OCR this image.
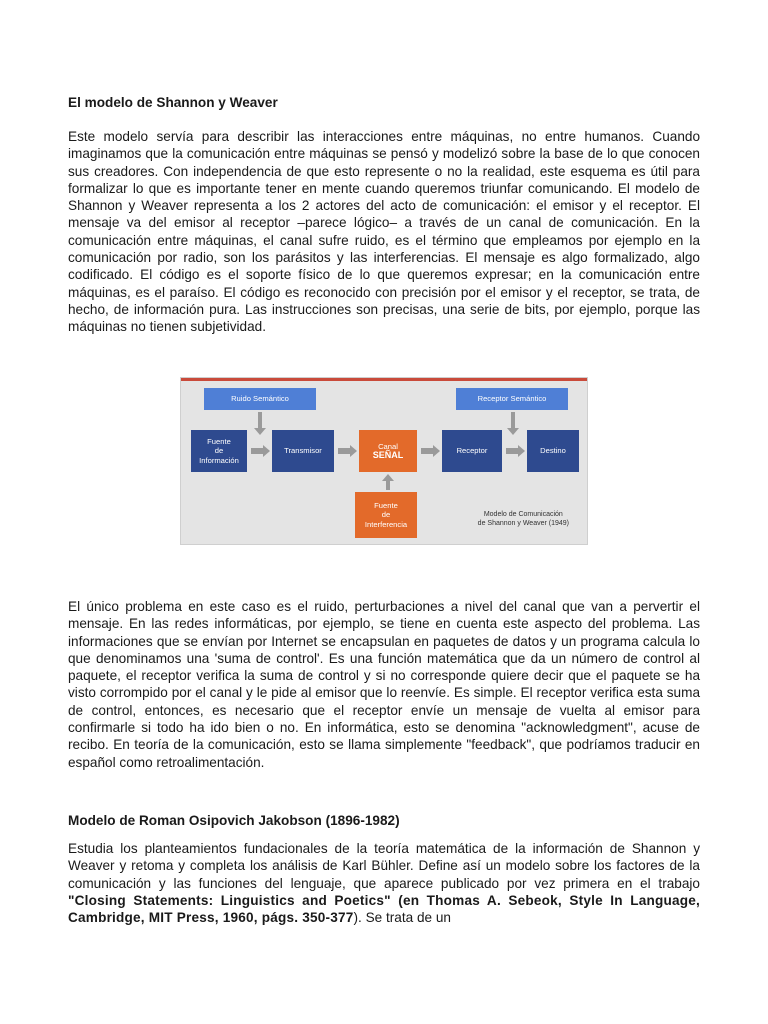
El modelo de Shannon y Weaver

Este modelo servía para describir las interacciones entre máquinas, no entre humanos. Cuando imaginamos que la comunicación entre máquinas se pensó y modelizó sobre la base de lo que conocen sus creadores. Con independencia de que esto represente o no la realidad, este esquema es útil para formalizar lo que es importante tener en mente cuando queremos triunfar comunicando. El modelo de Shannon y Weaver representa a los 2 actores del acto de comunicación: el emisor y el receptor. El mensaje va del emisor al receptor –parece lógico– a través de un canal de comunicación. En la comunicación entre máquinas, el canal sufre ruido, es el término que empleamos por ejemplo en la comunicación por radio, son los parásitos y las interferencias. El mensaje es algo formalizado, algo codificado. El código es el soporte físico de lo que queremos expresar; en la comunicación entre máquinas, es el paraíso. El código es reconocido con precisión por el emisor y el receptor, se trata, de hecho, de información pura. Las instrucciones son precisas, una serie de bits, por ejemplo, porque las máquinas no tienen subjetividad.

Ruido Semántico	Receptor Semántico
Fuente
de
Información
Transmisor
Canal
SEÑAL	Receptor	Destino
Fuente
de
Interferencia
Modelo de Comunicación
de Shannon y Weaver (1949)

El único problema en este caso es el ruido, perturbaciones a nivel del canal que van a pervertir el mensaje. En las redes informáticas, por ejemplo, se tiene en cuenta este aspecto del problema. Las informaciones que se envían por Internet se encapsulan en paquetes de datos y un programa calcula lo que denominamos una 'suma de control'. Es una función matemática que da un número de control al paquete, el receptor verifica la suma de control y si no corresponde quiere decir que el paquete se ha visto corrompido por el canal y le pide al emisor que lo reenvíe. Es simple. El receptor verifica esta suma de control, entonces, es necesario que el receptor envíe un mensaje de vuelta al emisor para confirmarle si todo ha ido bien o no. En informática, esto se denomina "acknowledgment", acuse de recibo. En teoría de la comunicación, esto se llama simplemente "feedback", que podríamos traducir en español como retroalimentación.

Modelo de Roman Osipovich Jakobson (1896-1982)

Estudia los planteamientos fundacionales de la teoría matemática de la información de Shannon y Weaver y retoma y completa los análisis de Karl Bühler. Define así un modelo sobre los factores de la comunicación y las funciones del lenguaje, que aparece publicado por vez primera en el trabajo "Closing Statements: Linguistics and Poetics" (en Thomas A. Sebeok, Style In Language, Cambridge, MIT Press, 1960, págs. 350-377). Se trata de un
